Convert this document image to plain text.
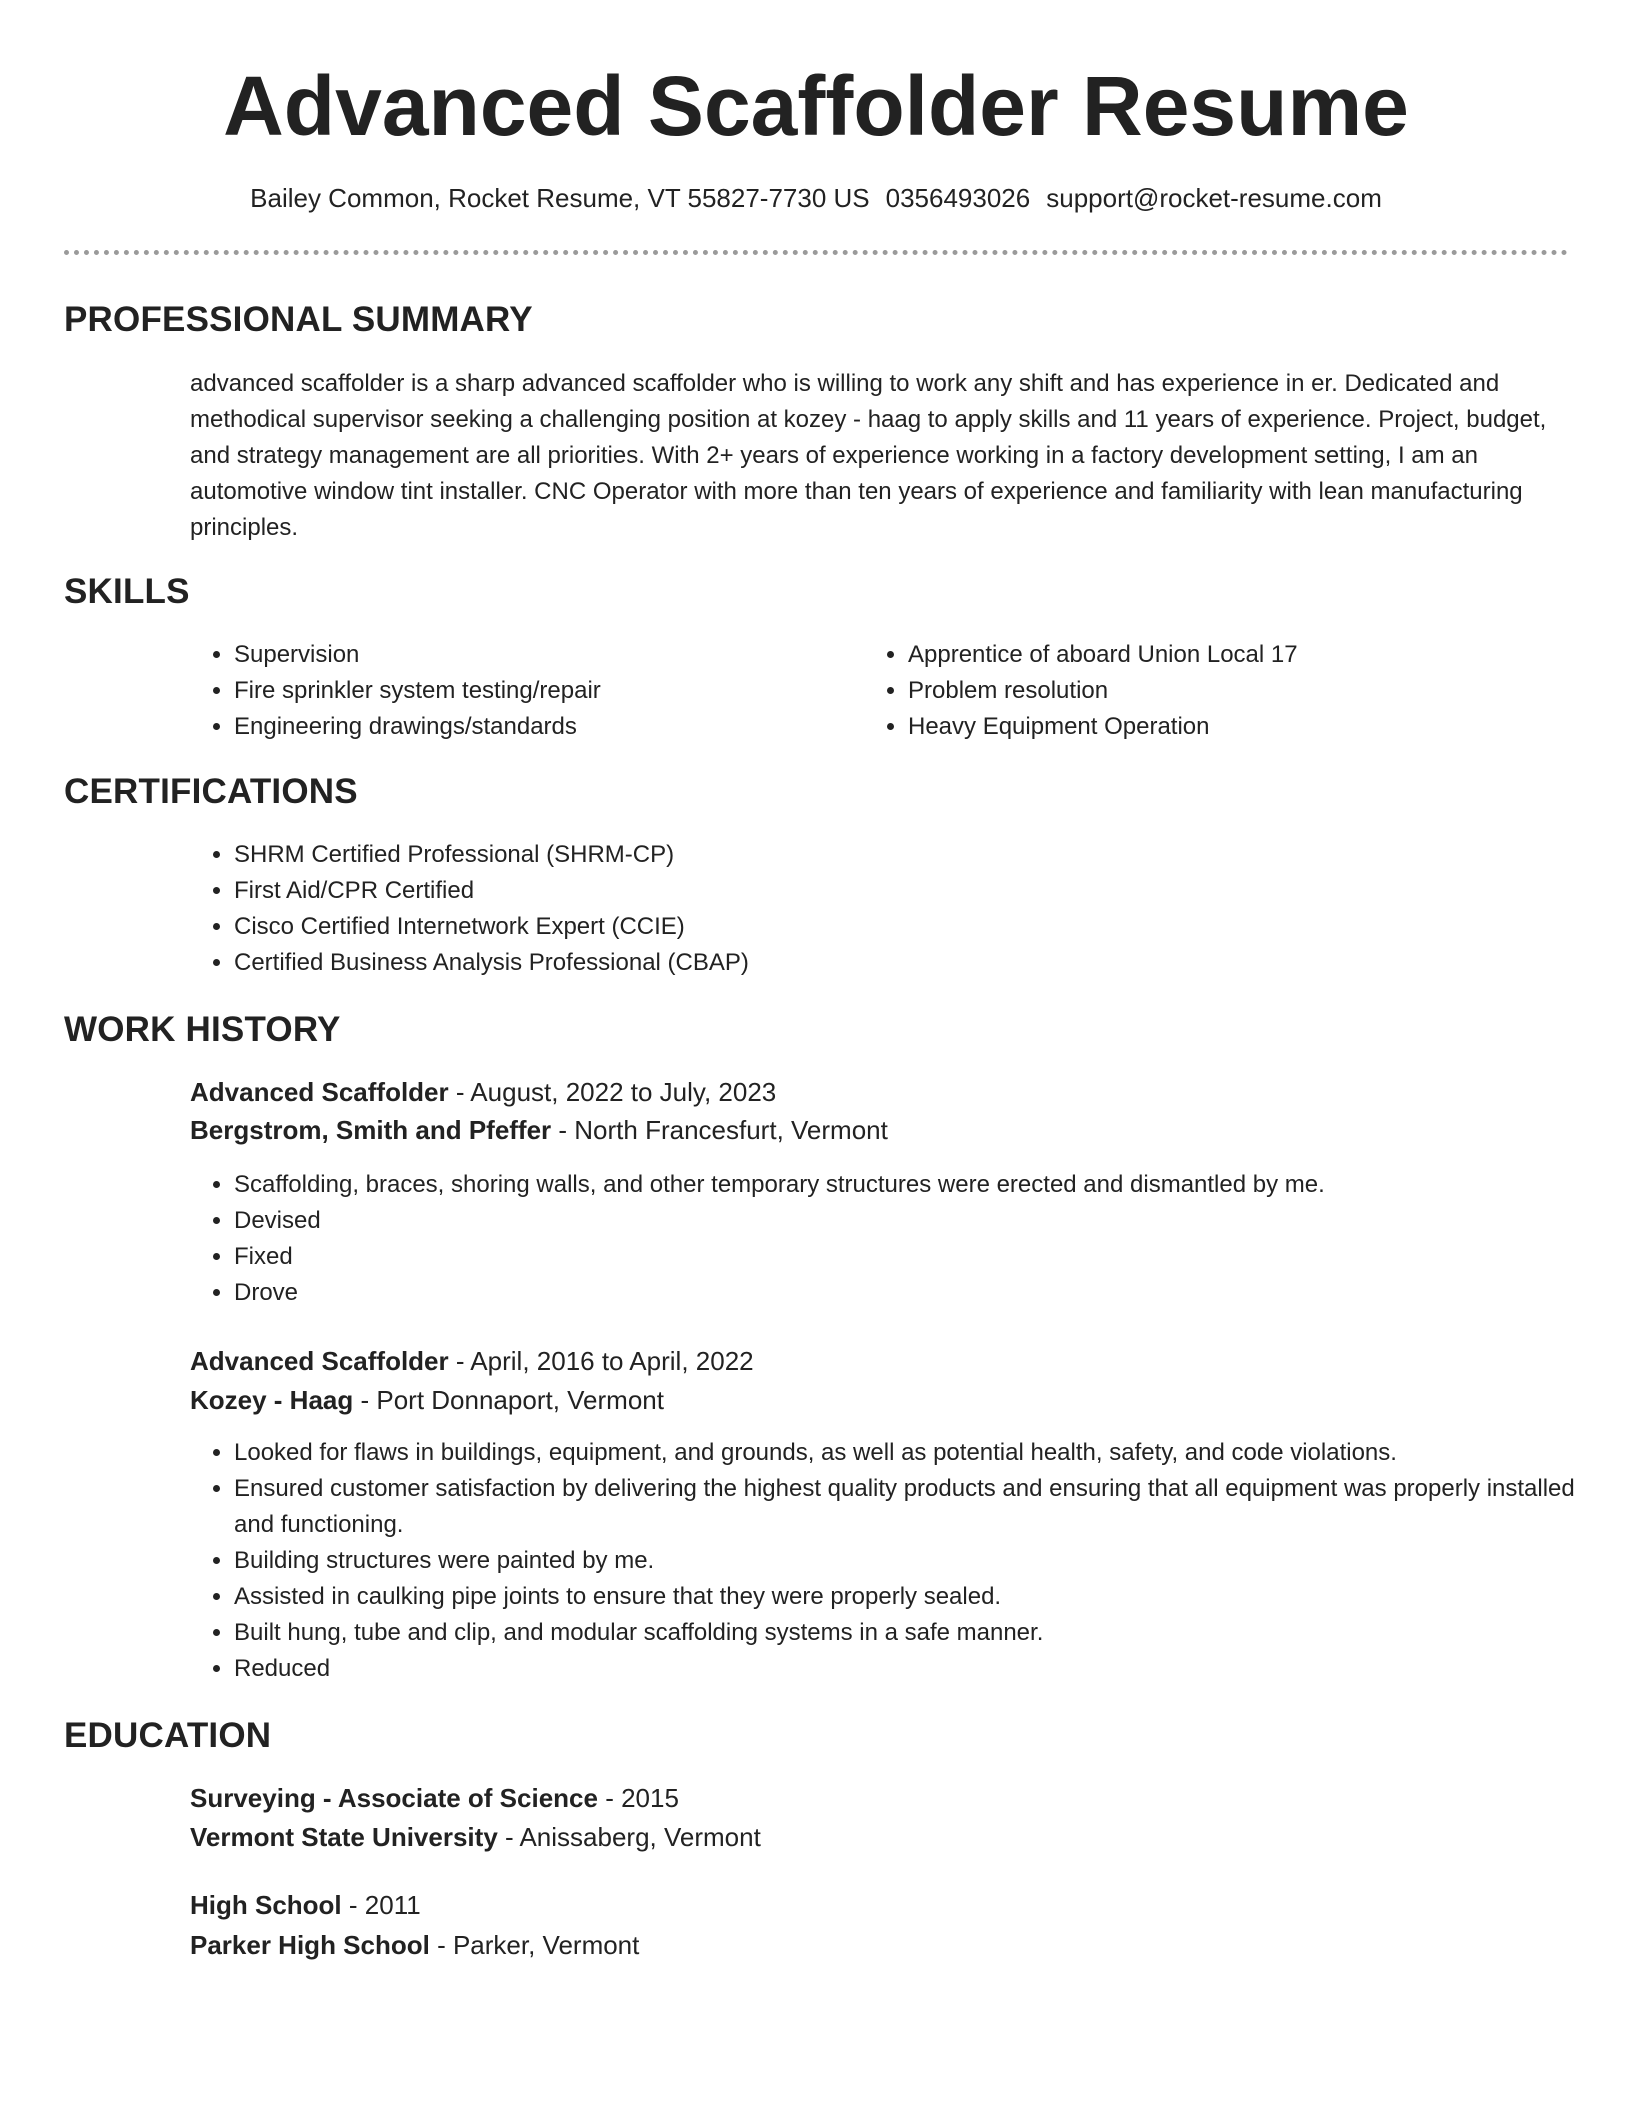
Advanced Scaffolder Resume
Bailey Common, Rocket Resume, VT 55827-7730 US 0356493026 support@rocket-resume.com
PROFESSIONAL SUMMARY

advanced scaffolder is a sharp advanced scaffolder who is willing to work any shift and has experience in er. Dedicated and methodical supervisor seeking a challenging position at kozey - haag to apply skills and 11 years of experience. Project, budget, and strategy management are all priorities. With 2+ years of experience working in a factory development setting, I am an automotive window tint installer. CNC Operator with more than ten years of experience and familiarity with lean manufacturing principles.

SKILLS
• Supervision
• Fire sprinkler system testing/repair
• Engineering drawings/standards
• Apprentice of aboard Union Local 17
• Problem resolution
• Heavy Equipment Operation
CERTIFICATIONS
• SHRM Certified Professional (SHRM-CP)
• First Aid/CPR Certified
• Cisco Certified Internetwork Expert (CCIE)
• Certified Business Analysis Professional (CBAP)
WORK HISTORY
Advanced Scaffolder - August, 2022 to July, 2023
Bergstrom, Smith and Pfeffer - North Francesfurt, Vermont
• Scaffolding, braces, shoring walls, and other temporary structures were erected and dismantled by me.
• Devised
• Fixed
• Drove
Advanced Scaffolder - April, 2016 to April, 2022
Kozey - Haag - Port Donnaport, Vermont
• Looked for flaws in buildings, equipment, and grounds, as well as potential health, safety, and code violations.
• Ensured customer satisfaction by delivering the highest quality products and ensuring that all equipment was properly installed and functioning.
• Building structures were painted by me.
• Assisted in caulking pipe joints to ensure that they were properly sealed.
• Built hung, tube and clip, and modular scaffolding systems in a safe manner.
• Reduced
EDUCATION
Surveying - Associate of Science - 2015
Vermont State University - Anissaberg, Vermont
High School - 2011
Parker High School - Parker, Vermont
